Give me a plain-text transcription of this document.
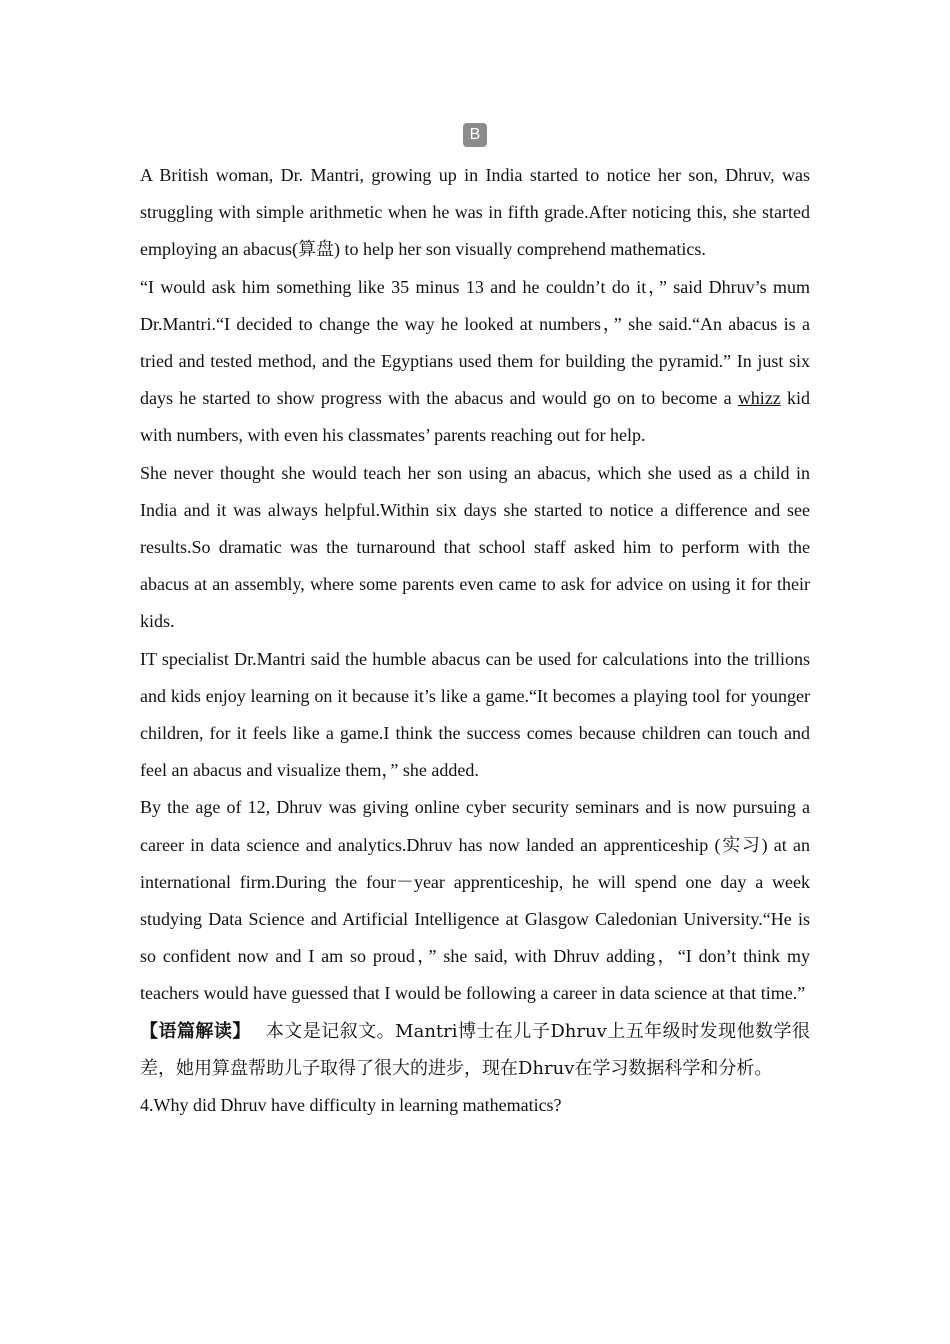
B

A British woman, Dr. Mantri, growing up in India started to notice her son, Dhruv, was struggling with simple arithmetic when he was in fifth grade.After noticing this, she started employing an abacus(算盘) to help her son visually comprehend mathematics.

“I would ask him something like 35 minus 13 and he couldn’t do it，” said Dhruv’s mum Dr.Mantri.“I decided to change the way he looked at numbers，” she said.“An abacus is a tried and tested method, and the Egyptians used them for building the pyramid.” In just six days he started to show progress with the abacus and would go on to become a whizz kid with numbers, with even his classmates’ parents reaching out for help.

She never thought she would teach her son using an abacus, which she used as a child in India and it was always helpful.Within six days she started to notice a difference and see results.So dramatic was the turnaround that school staff asked him to perform with the abacus at an assembly, where some parents even came to ask for advice on using it for their kids.

IT specialist Dr.Mantri said the humble abacus can be used for calculations into the trillions and kids enjoy learning on it because it’s like a game.“It becomes a playing tool for younger children, for it feels like a game.I think the success comes because children can touch and feel an abacus and visualize them，” she added.

By the age of 12, Dhruv was giving online cyber security seminars and is now pursuing a career in data science and analytics.Dhruv has now landed an apprenticeship (实习) at an international firm.During the four－year apprenticeship, he will spend one day a week studying Data Science and Artificial Intelligence at Glasgow Caledonian University.“He is so confident now and I am so proud，” she said, with Dhruv adding，“I don’t think my teachers would have guessed that I would be following a career in data science at that time.”

【语篇解读】 本文是记叙文。Mantri博士在儿子Dhruv上五年级时发现他数学很差，她用算盘帮助儿子取得了很大的进步，现在Dhruv在学习数据科学和分析。

4.Why did Dhruv have difficulty in learning mathematics?
